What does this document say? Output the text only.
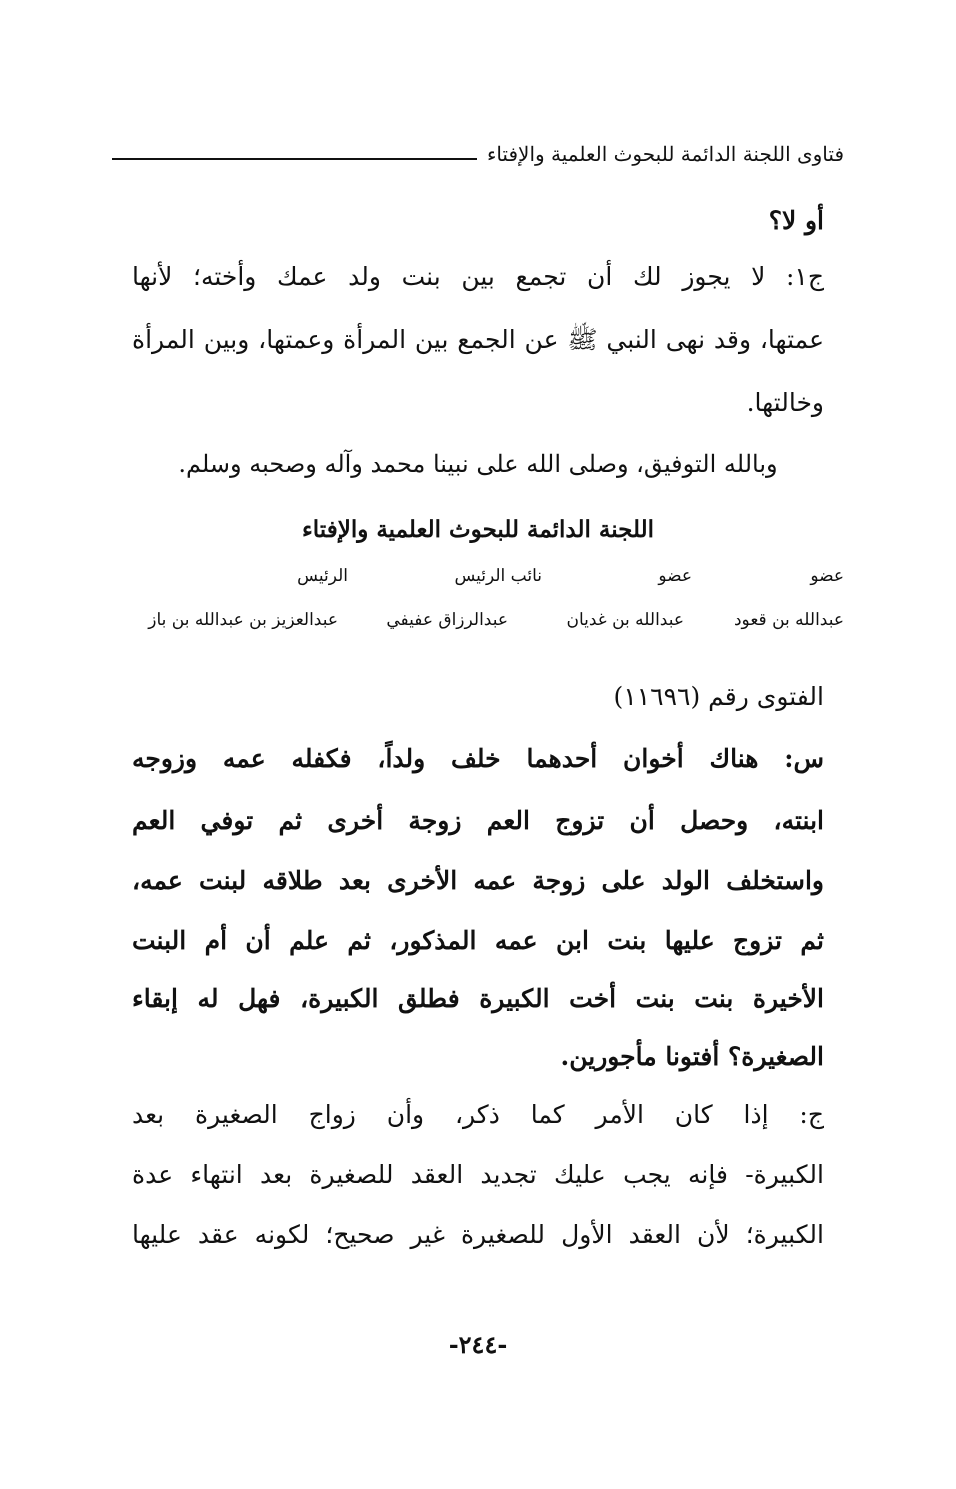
فتاوى اللجنة الدائمة للبحوث العلمية والإفتاء
أو لا؟
ج١: لا يجوز لك أن تجمع بين بنت ولد عمك وأخته؛ لأنها
عمتها، وقد نهى النبي ﷺ عن الجمع بين المرأة وعمتها، وبين المرأة
وخالتها.
وبالله التوفيق، وصلى الله على نبينا محمد وآله وصحبه وسلم.
اللجنة الدائمة للبحوث العلمية والإفتاء
عضو
عضو
نائب الرئيس
الرئيس
عبدالله بن قعود
عبدالله بن غديان
عبدالرزاق عفيفي
عبدالعزيز بن عبدالله بن باز
الفتوى رقم (١١٦٩٦)
س: هناك أخوان أحدهما خلف ولداً، فكفله عمه وزوجه
ابنته، وحصل أن تزوج العم زوجة أخرى ثم توفي العم
واستخلف الولد على زوجة عمه الأخرى بعد طلاقه لبنت عمه،
ثم تزوج عليها بنت ابن عمه المذكور، ثم علم أن أم البنت
الأخيرة بنت بنت أخت الكبيرة فطلق الكبيرة، فهل له إبقاء
الصغيرة؟ أفتونا مأجورين.
ج: إذا كان الأمر كما ذكر، وأن زواج الصغيرة بعد
الكبيرة- فإنه يجب عليك تجديد العقد للصغيرة بعد انتهاء عدة
الكبيرة؛ لأن العقد الأول للصغيرة غير صحيح؛ لكونه عقد عليها
-٢٤٤-
